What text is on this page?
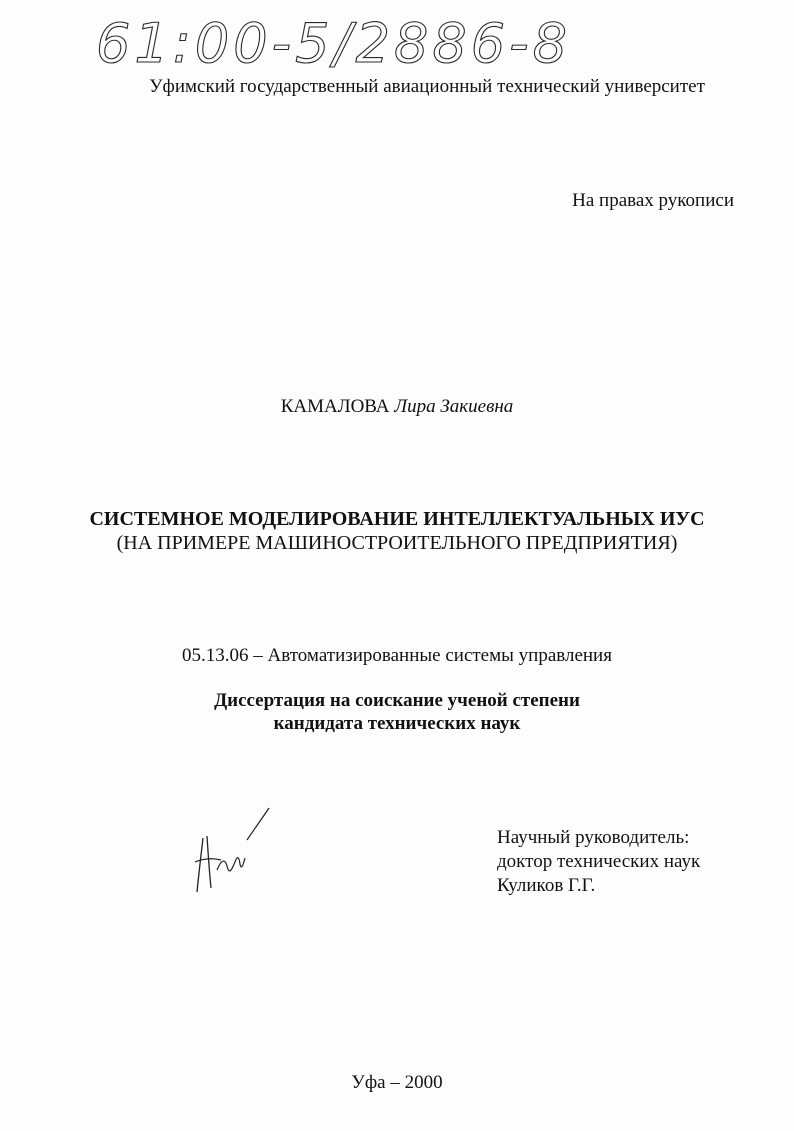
61:00-5/2886-8
Уфимский государственный авиационный технический университет
На правах рукописи
КАМАЛОВА Лира Закиевна
СИСТЕМНОЕ МОДЕЛИРОВАНИЕ ИНТЕЛЛЕКТУАЛЬНЫХ ИУС
(НА ПРИМЕРЕ МАШИНОСТРОИТЕЛЬНОГО ПРЕДПРИЯТИЯ)
05.13.06 – Автоматизированные системы управления
Диссертация на соискание ученой степени
кандидата технических наук
Научный руководитель:
доктор технических наук
Куликов Г.Г.
Уфа – 2000
